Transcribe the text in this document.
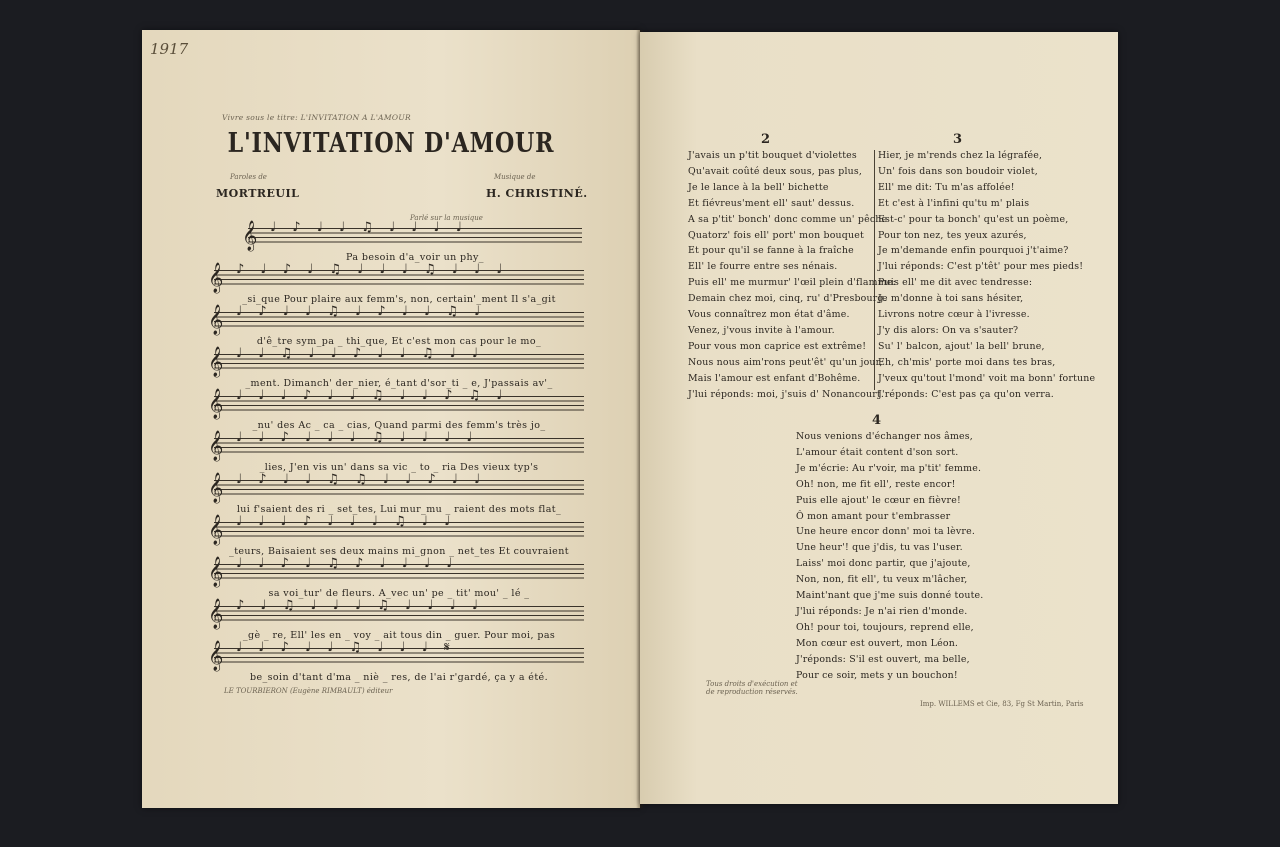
1917
Vivre sous le titre: L'INVITATION A L'AMOUR
L'INVITATION D'AMOUR
Paroles de
MORTREUIL
Musique de
H. CHRISTINÉ.
Parlé sur la musique
𝄞 ♩ ♪ ♩ ♩ ♫ ♩ ♩ ♩ ♩
Pa besoin d'a_voir un phy_
𝄞 ♪ ♩ ♪ ♩ ♫ ♩ ♩ ♩ ♫ ♩ ♩ ♩
_si_que Pour plaire aux femm's, non, certain'_ment Il s'a_git
𝄞 ♩ ♪ ♩ ♩ ♫ ♩ ♪ ♩ ♩ ♫ ♩
d'ê_tre sym_pa _ thi_que, Et c'est mon cas pour le mo_
𝄞 ♩ ♩ ♫ ♩ ♩ ♪ ♩ ♩ ♫ ♩ ♩
_ment. Dimanch' der_nier, é_tant d'sor_ti _ e, J'passais av'_
𝄞 ♩ ♩ ♩ ♪ ♩ ♩ ♫ ♩ ♩ ♪ ♫ ♩
_nu' des Ac _ ca _ cias, Quand parmi des femm's très jo_
𝄞 ♩ ♩ ♪ ♩ ♩ ♩ ♫ ♩ ♩ ♩ ♩
_lies, J'en vis un' dans sa vic _ to _ ria Des vieux typ's
𝄞 ♩ ♪ ♩ ♩ ♫ ♫ ♩ ♩ ♪ ♩ ♩
lui f'saient des ri _ set_tes, Lui mur_mu _ raient des mots flat_
𝄞 ♩ ♩ ♩ ♪ ♩ ♩ ♩ ♫ ♩ ♩
_teurs, Baisaient ses deux mains mi_gnon _ net_tes Et couvraient
𝄞 ♩ ♩ ♪ ♩ ♫ ♪ ♩ ♩ ♩ ♩
sa voi_tur' de fleurs. A_vec un' pe _ tit' mou' _ lé _
𝄞 ♪ ♩ ♫ ♩ ♩ ♩ ♫ ♩ ♩ ♩ ♩
_gè _ re, Ell' les en _ voy _ ait tous din _ guer. Pour moi, pas
𝄞 ♩ ♩ ♪ ♩ ♩ ♫ ♩ ♩ ♩ 𝄋
be_soin d'tant d'ma _ niè _ res, de l'ai r'gardé, ça y a été.
LE TOURBIERON (Eugène RIMBAULT) éditeur
2	3
J'avais un p'tit bouquet d'violettes
Qu'avait coûté deux sous, pas plus,
Je le lance à la bell' bichette
Et fiévreus'ment ell' saut' dessus.
A sa p'tit' bonch' donc comme un' pêche
Quatorz' fois ell' port' mon bouquet
Et pour qu'il se fanne à la fraîche
Ell' le fourre entre ses nénais.
Puis ell' me murmur' l'œil plein d'flamme:
Demain chez moi, cinq, ru' d'Presbourg.
Vous connaîtrez mon état d'âme.
Venez, j'vous invite à l'amour.
Pour vous mon caprice est extrême!
Nous nous aim'rons peut'êt' qu'un jour,
Mais l'amour est enfant d'Bohême.
J'lui réponds: moi, j'suis d' Nonancourt.
Hier, je m'rends chez la légrafée,
Un' fois dans son boudoir violet,
Ell' me dit: Tu m'as affolée!
Et c'est à l'infini qu'tu m' plais
Est-c' pour ta bonch' qu'est un poème,
Pour ton nez, tes yeux azurés,
Je m'demande enfin pourquoi j't'aime?
J'lui réponds: C'est p'têt' pour mes pieds!
Puis ell' me dit avec tendresse:
Je m'donne à toi sans hésiter,
Livrons notre cœur à l'ivresse.
J'y dis alors: On va s'sauter?
Su' l' balcon, ajout' la bell' brune,
Eh, ch'mis' porte moi dans tes bras,
J'veux qu'tout l'mond' voit ma bonn' fortune
J'réponds: C'est pas ça qu'on verra.
4
Nous venions d'échanger nos âmes,
L'amour était content d'son sort.
Je m'écrie: Au r'voir, ma p'tit' femme.
Oh! non, me fit ell', reste encor!
Puis elle ajout' le cœur en fièvre!
Ô mon amant pour t'embrasser
Une heure encor donn' moi ta lèvre.
Une heur'! que j'dis, tu vas l'user.
Laiss' moi donc partir, que j'ajoute,
Non, non, fit ell', tu veux m'lâcher,
Maint'nant que j'me suis donné toute.
J'lui réponds: Je n'ai rien d'monde.
Oh! pour toi, toujours, reprend elle,
Mon cœur est ouvert, mon Léon.
J'réponds: S'il est ouvert, ma belle,
Pour ce soir, mets y un bouchon!
Tous droits d'exécution et
de reproduction réservés.
Imp. WILLEMS et Cie, 83, Fg St Martin, Paris
